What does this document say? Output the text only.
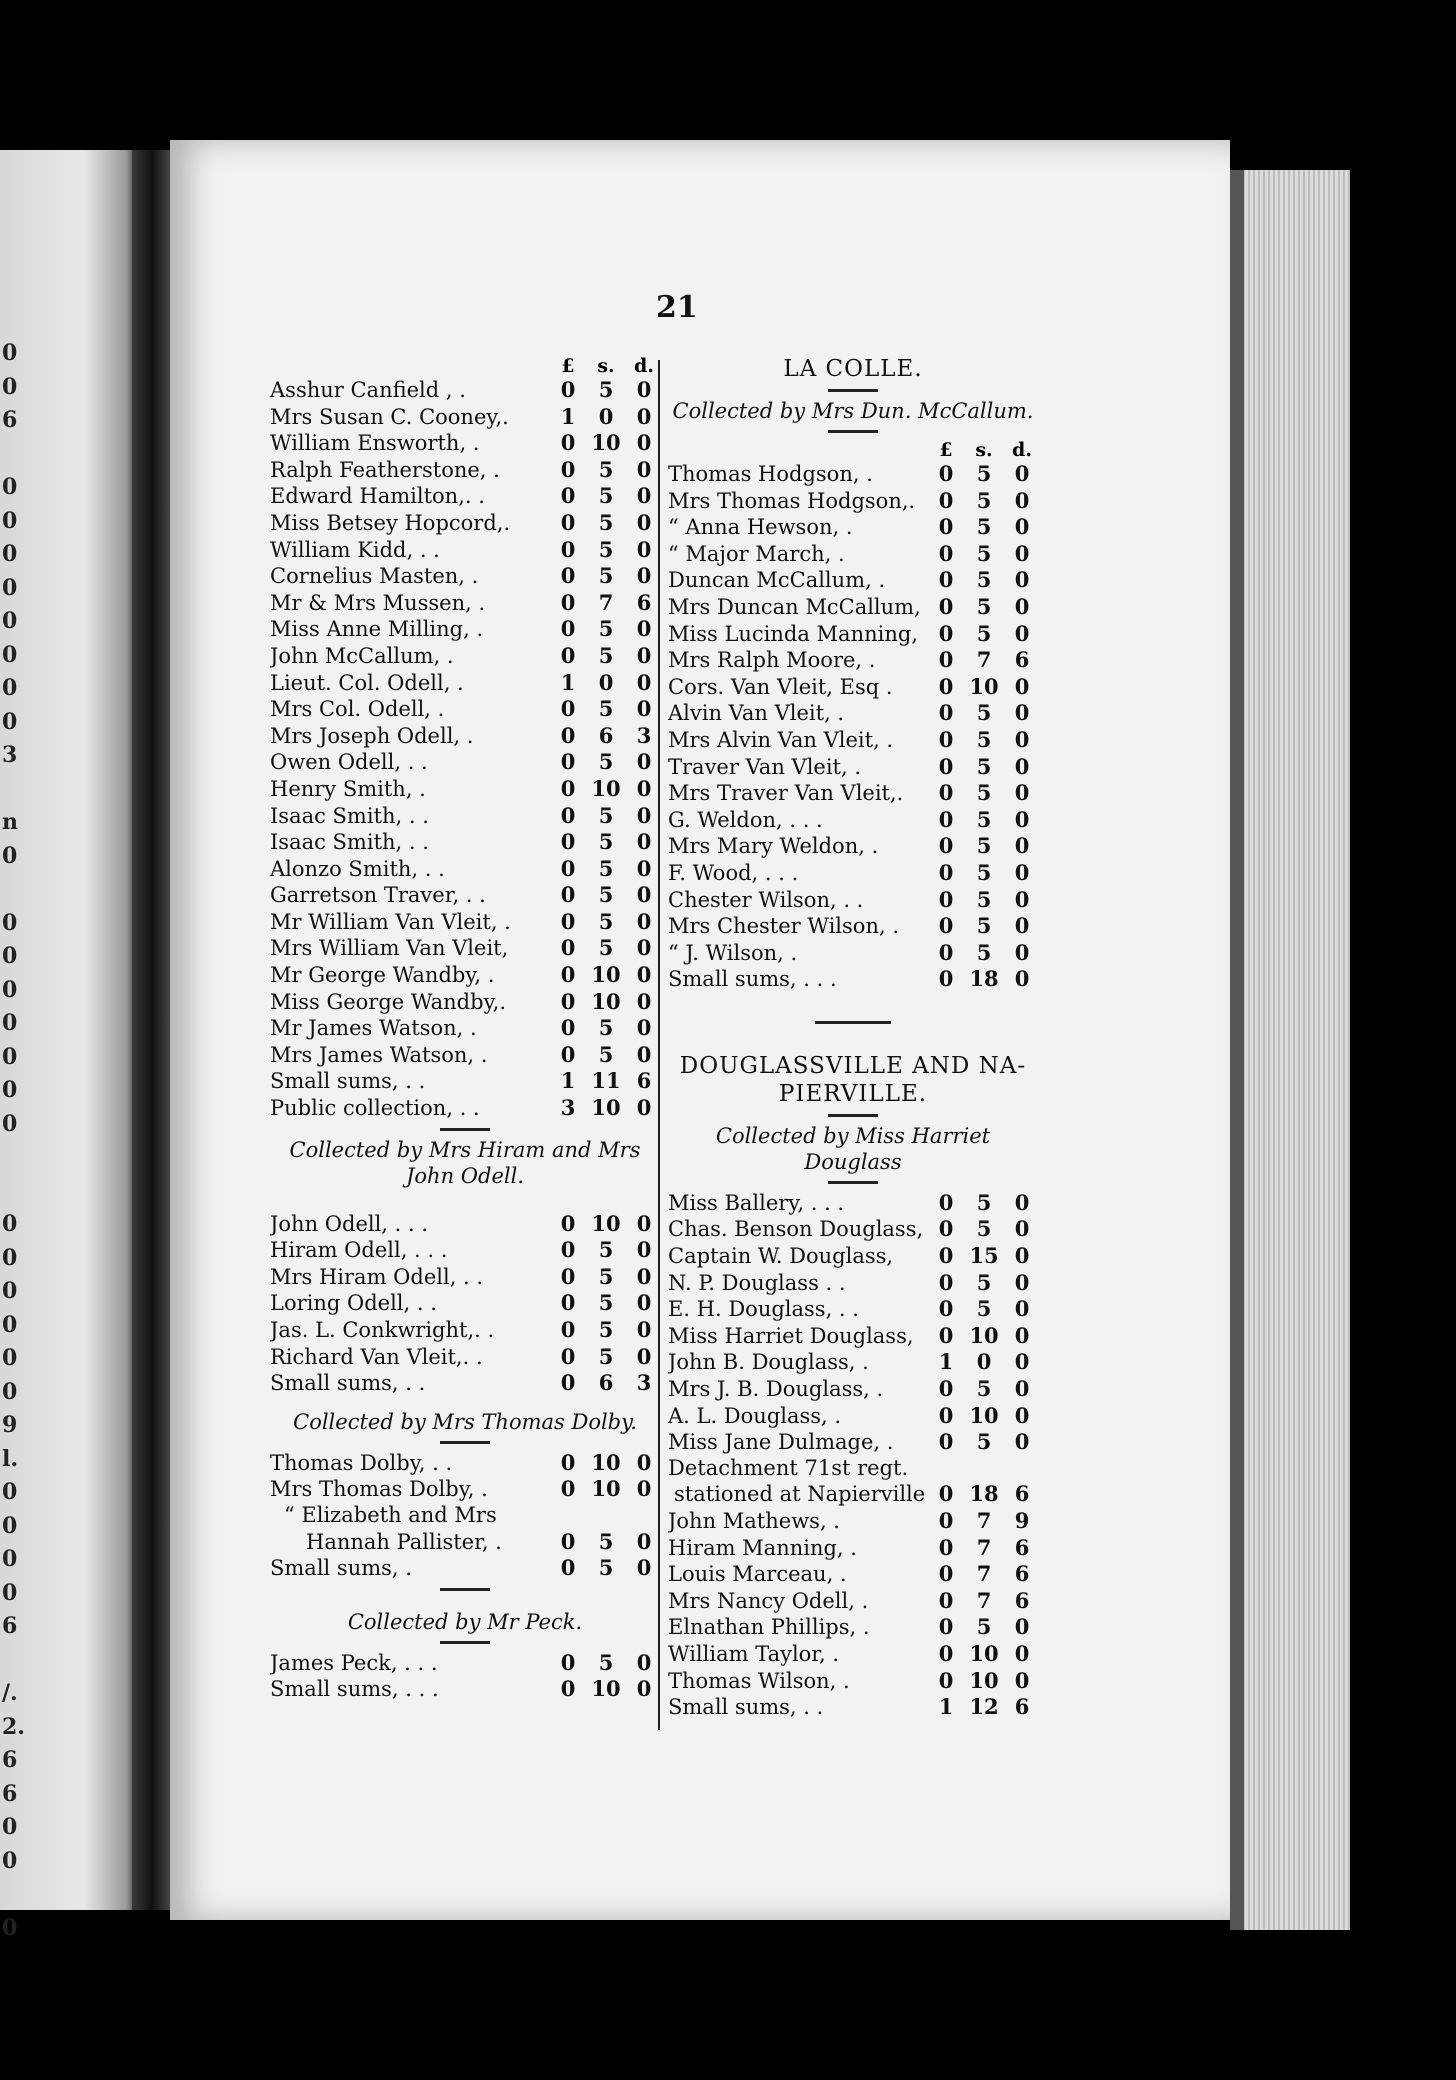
0
0
6
0
0
0
0
0
0
0
0
3
n
0
0
0
0
0
0
0
0
0
0
0
0
0
0
9
l.
0
0
0
0
6
/.
2.
6
6
0
0
0
21
£	s.	d.
Asshur Canfield , .	0	5	0
Mrs Susan C. Cooney,.	1	0	0
William Ensworth, .	0 10 0
Ralph Featherstone, .	0	5	0
Edward Hamilton,. .	0	5	0
Miss Betsey Hopcord,.	0	5	0
William Kidd, . .	0	5	0
Cornelius Masten, .	0	5	0
Mr & Mrs Mussen, .	0	7	6
Miss Anne Milling, .	0	5	0
John McCallum, .	0	5	0
Lieut. Col. Odell, .	1	0	0
Mrs Col. Odell, .	0	5	0
Mrs Joseph Odell, .	0	6	3
Owen Odell, . .	0	5	0
Henry Smith, .	0 10 0
Isaac Smith, . .	0	5	0
Isaac Smith, . .	0	5	0
Alonzo Smith, . .	0	5	0
Garretson Traver, . .	0	5	0
Mr William Van Vleit, .	0	5	0
Mrs William Van Vleit,	0	5	0
Mr George Wandby, .	0 10 0
Miss George Wandby,.	0 10 0
Mr James Watson, .	0	5	0
Mrs James Watson, .	0	5	0
Small sums, . .	1 11 6
Public collection, . .	3 10 0
Collected by Mrs Hiram and Mrs
John Odell.
John Odell, . . .	0 10 0
Hiram Odell, . . .	0	5	0
Mrs Hiram Odell, . .	0	5	0
Loring Odell, . .	0	5	0
Jas. L. Conkwright,. .	0	5	0
Richard Van Vleit,. .	0	5	0
Small sums, . .	0	6	3
Collected by Mrs Thomas Dolby.
Thomas Dolby, . .	0 10 0
Mrs Thomas Dolby, .	0 10 0
“ Elizabeth and Mrs
Hannah Pallister, .	0	5	0
Small sums, .	0	5	0
Collected by Mr Peck.
James Peck, . . .	0	5	0
Small sums, . . .	0 10 0
LA COLLE.
Collected by Mrs Dun. McCallum.
£	s.	d.
Thomas Hodgson, .	0	5	0
Mrs Thomas Hodgson,.	0	5	0
“ Anna Hewson, .	0	5	0
“ Major March, .	0	5	0
Duncan McCallum, .	0	5	0
Mrs Duncan McCallum, 0	5	0
Miss Lucinda Manning, 0	5	0
Mrs Ralph Moore, .	0	7	6
Cors. Van Vleit, Esq .	0 10 0
Alvin Van Vleit, .	0	5	0
Mrs Alvin Van Vleit, .	0	5	0
Traver Van Vleit, .	0	5	0
Mrs Traver Van Vleit,.	0	5	0
G. Weldon, . . .	0	5	0
Mrs Mary Weldon, .	0	5	0
F. Wood, . . .	0	5	0
Chester Wilson, . .	0	5	0
Mrs Chester Wilson, .	0	5	0
“ J. Wilson, .	0	5	0
Small sums, . . .	0 18 0
DOUGLASSVILLE AND NA-
PIERVILLE.
Collected by Miss Harriet Douglass
Miss Ballery, . . .	0	5	0
Chas. Benson Douglass, 0	5	0
Captain W. Douglass,	0 15 0
N. P. Douglass . .	0	5	0
E. H. Douglass, . .	0	5	0
Miss Harriet Douglass,	0 10 0
John B. Douglass, .	1	0	0
Mrs J. B. Douglass, .	0	5	0
A. L. Douglass, .	0 10 0
Miss Jane Dulmage, .	0	5	0
Detachment 71st regt.
stationed at Napierville 0 18 6
John Mathews, .	0	7	9
Hiram Manning, .	0	7	6
Louis Marceau, .	0	7	6
Mrs Nancy Odell, .	0	7	6
Elnathan Phillips, .	0	5	0
William Taylor, .	0 10 0
Thomas Wilson, .	0 10 0
Small sums, . .	1 12 6
